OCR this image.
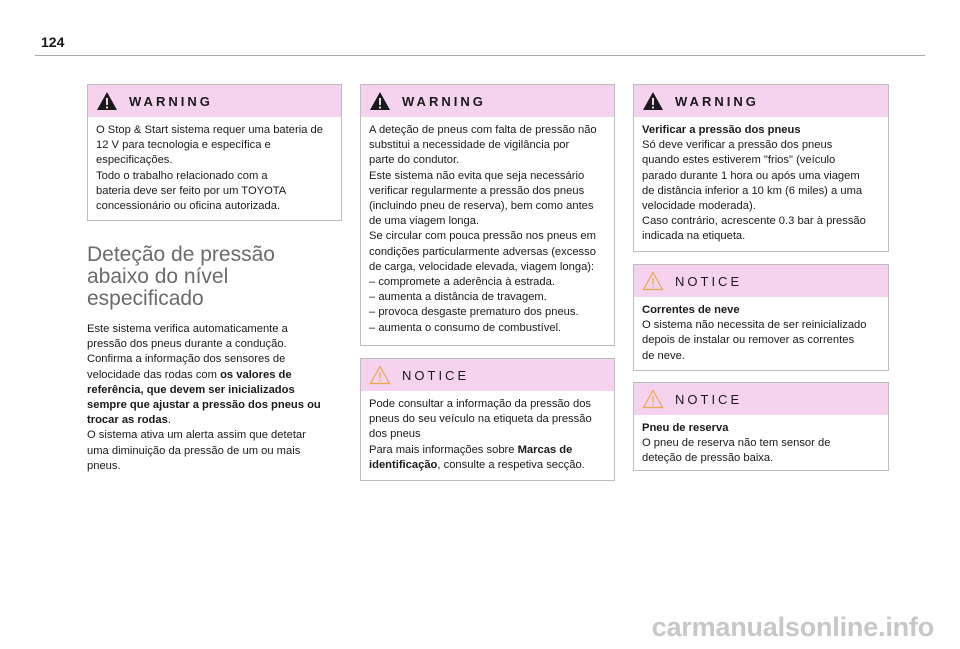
124
WARNING

O Stop & Start sistema requer uma bateria de

12 V para tecnologia e específica e

especificações.

Todo o trabalho relacionado com a

bateria deve ser feito por um TOYOTA

concessionário ou oficina autorizada.

Deteção de pressão
abaixo do nível
especificado

Este sistema verifica automaticamente a

pressão dos pneus durante a condução.

Confirma a informação dos sensores de

velocidade das rodas com os valores de

referência, que devem ser inicializados

sempre que ajustar a pressão dos pneus ou

trocar as rodas.

O sistema ativa um alerta assim que detetar

uma diminuição da pressão de um ou mais

pneus.

WARNING

A deteção de pneus com falta de pressão não

substitui a necessidade de vigilância por

parte do condutor.

Este sistema não evita que seja necessário

verificar regularmente a pressão dos pneus

(incluindo pneu de reserva), bem como antes

de uma viagem longa.

Se circular com pouca pressão nos pneus em

condições particularmente adversas (excesso

de carga, velocidade elevada, viagem longa):

– compromete a aderência à estrada.

– aumenta a distância de travagem.

– provoca desgaste prematuro dos pneus.

– aumenta o consumo de combustível.

NOTICE

Pode consultar a informação da pressão dos

pneus do seu veículo na etiqueta da pressão

dos pneus

Para mais informações sobre Marcas de

identificação, consulte a respetiva secção.

WARNING

Verificar a pressão dos pneus

Só deve verificar a pressão dos pneus

quando estes estiverem "frios" (veículo

parado durante 1 hora ou após uma viagem

de distância inferior a 10 km (6 miles) a uma

velocidade moderada).

Caso contrário, acrescente 0.3 bar à pressão

indicada na etiqueta.

NOTICE

Correntes de neve

O sistema não necessita de ser reinicializado

depois de instalar ou remover as correntes

de neve.

NOTICE

Pneu de reserva

O pneu de reserva não tem sensor de

deteção de pressão baixa.

carmanualsonline.info
